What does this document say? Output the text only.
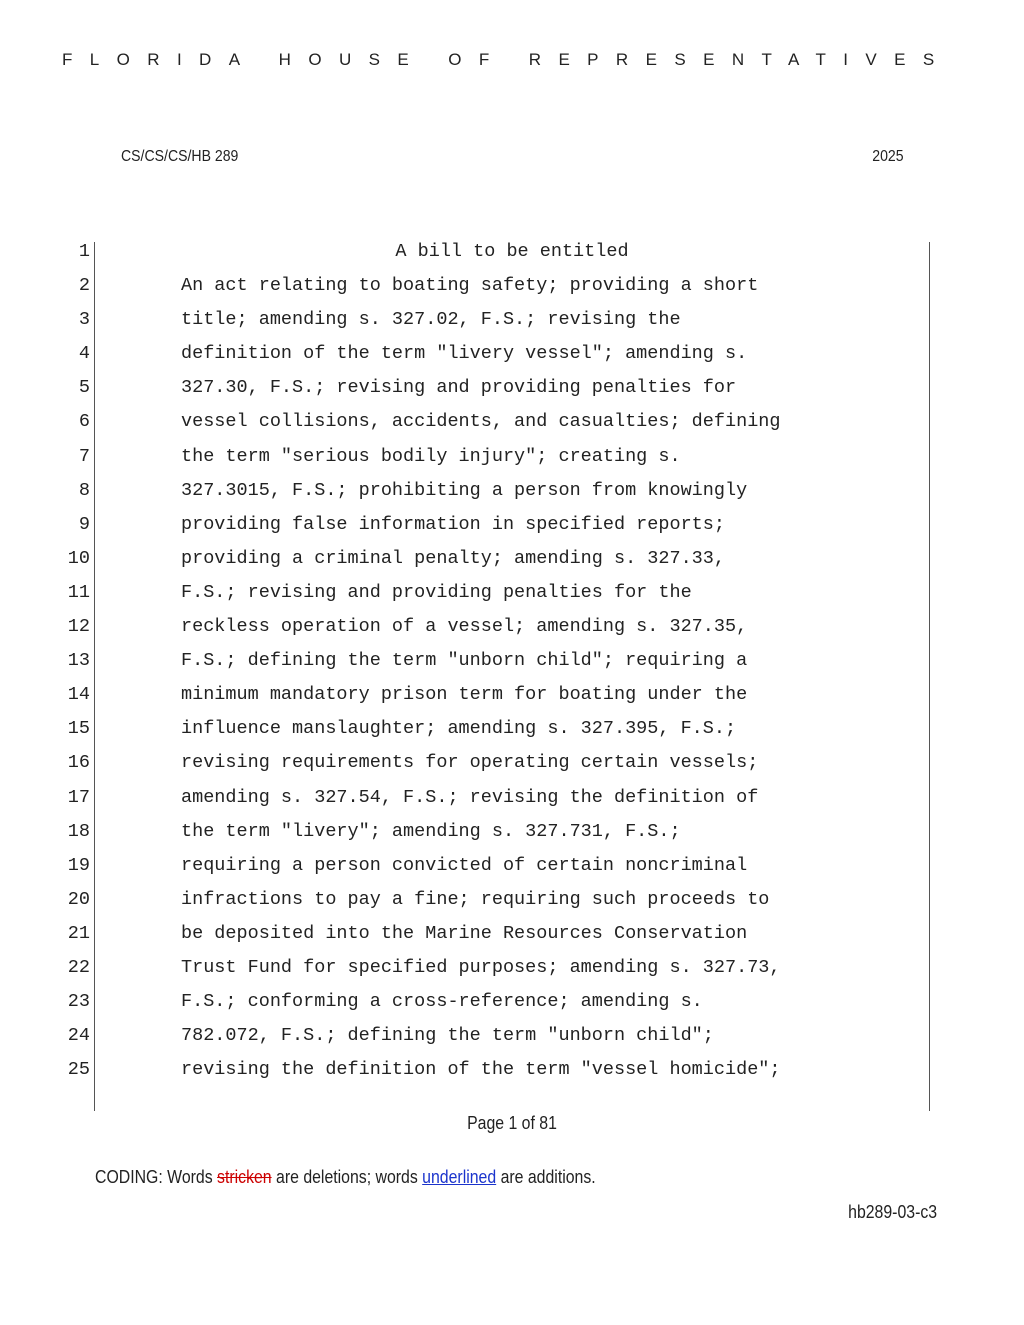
FLORIDA HOUSE OF REPRESENTATIVES
CS/CS/CS/HB 289	2025
1	A bill to be entitled
2	An act relating to boating safety; providing a short
3	title; amending s. 327.02, F.S.; revising the
4	definition of the term "livery vessel"; amending s.
5	327.30, F.S.; revising and providing penalties for
6	vessel collisions, accidents, and casualties; defining
7	the term "serious bodily injury"; creating s.
8	327.3015, F.S.; prohibiting a person from knowingly
9	providing false information in specified reports;
10	providing a criminal penalty; amending s. 327.33,
11	F.S.; revising and providing penalties for the
12	reckless operation of a vessel; amending s. 327.35,
13	F.S.; defining the term "unborn child"; requiring a
14	minimum mandatory prison term for boating under the
15	influence manslaughter; amending s. 327.395, F.S.;
16	revising requirements for operating certain vessels;
17	amending s. 327.54, F.S.; revising the definition of
18	the term "livery"; amending s. 327.731, F.S.;
19	requiring a person convicted of certain noncriminal
20	infractions to pay a fine; requiring such proceeds to
21	be deposited into the Marine Resources Conservation
22	Trust Fund for specified purposes; amending s. 327.73,
23	F.S.; conforming a cross-reference; amending s.
24	782.072, F.S.; defining the term "unborn child";
25	revising the definition of the term "vessel homicide";
Page 1 of 81
CODING: Words stricken are deletions; words underlined are additions.
hb289-03-c3
